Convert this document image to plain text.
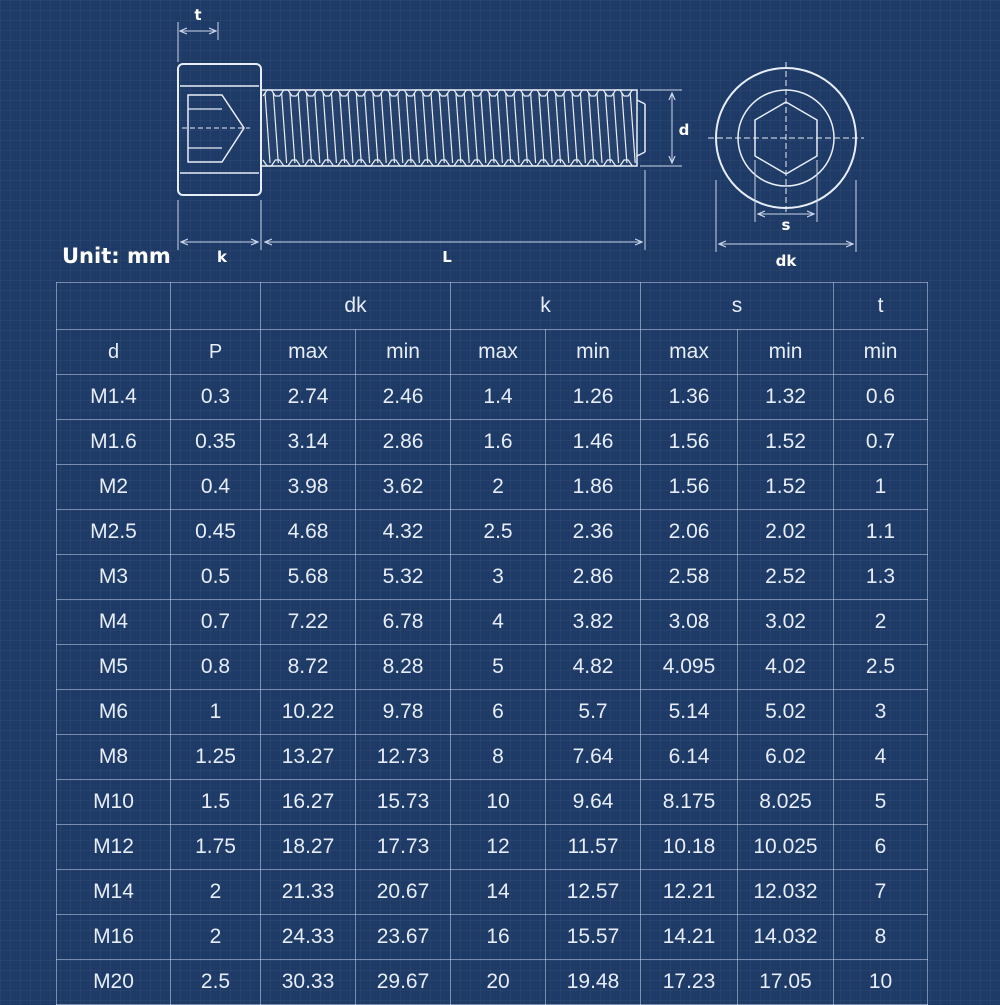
t
k	L
d
s
dk
Unit: mm
		dk		k		s		t
d	P	max	min	max	min	max	min	min
M1.4	0.3	2.74	2.46	1.4	1.26	1.36	1.32	0.6
M1.6	0.35	3.14	2.86	1.6	1.46	1.56	1.52	0.7
M2	0.4	3.98	3.62	2	1.86	1.56	1.52	1
M2.5	0.45	4.68	4.32	2.5	2.36	2.06	2.02	1.1
M3	0.5	5.68	5.32	3	2.86	2.58	2.52	1.3
M4	0.7	7.22	6.78	4	3.82	3.08	3.02	2
M5	0.8	8.72	8.28	5	4.82	4.095	4.02	2.5
M6	1	10.22	9.78	6	5.7	5.14	5.02	3
M8	1.25	13.27	12.73	8	7.64	6.14	6.02	4
M10	1.5	16.27	15.73	10	9.64	8.175	8.025	5
M12	1.75	18.27	17.73	12	11.57	10.18	10.025	6
M14	2	21.33	20.67	14	12.57	12.21	12.032	7
M16	2	24.33	23.67	16	15.57	14.21	14.032	8
M20	2.5	30.33	29.67	20	19.48	17.23	17.05	10
